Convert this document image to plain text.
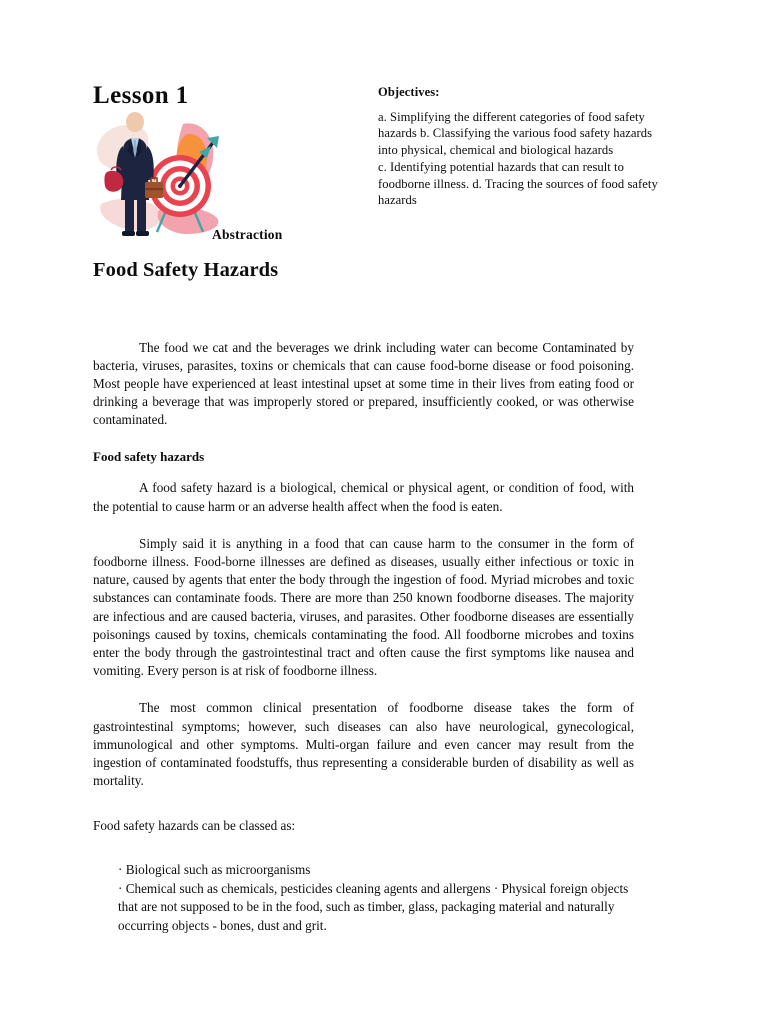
Lesson 1
Abstraction
Objectives:

a. Simplifying the different categories of food safety hazards b. Classifying the various food safety hazards into physical, chemical and biological hazards

c. Identifying potential hazards that can result to foodborne illness. d. Tracing the sources of food safety hazards

Food Safety Hazards

The food we cat and the beverages we drink including water can become Contaminated by bacteria, viruses, parasites, toxins or chemicals that can cause food-borne disease or food poisoning. Most people have experienced at least intestinal upset at some time in their lives from eating food or drinking a beverage that was improperly stored or prepared, insufficiently cooked, or was otherwise contaminated.

Food safety hazards

A food safety hazard is a biological, chemical or physical agent, or condition of food, with the potential to cause harm or an adverse health affect when the food is eaten.

Simply said it is anything in a food that can cause harm to the consumer in the form of foodborne illness. Food-borne illnesses are defined as diseases, usually either infectious or toxic in nature, caused by agents that enter the body through the ingestion of food. Myriad microbes and toxic substances can contaminate foods. There are more than 250 known foodborne diseases. The majority are infectious and are caused bacteria, viruses, and parasites. Other foodborne diseases are essentially poisonings caused by toxins, chemicals contaminating the food. All foodborne microbes and toxins enter the body through the gastrointestinal tract and often cause the first symptoms like nausea and vomiting. Every person is at risk of foodborne illness.

The most common clinical presentation of foodborne disease takes the form of gastrointestinal symptoms; however, such diseases can also have neurological, gynecological, immunological and other symptoms. Multi-organ failure and even cancer may result from the ingestion of contaminated foodstuffs, thus representing a considerable burden of disability as well as mortality.

Food safety hazards can be classed as:

· Biological such as microorganisms
· Chemical such as chemicals, pesticides cleaning agents and allergens · Physical foreign objects that are not supposed to be in the food, such as timber, glass, packaging material and naturally occurring objects - bones, dust and grit.
